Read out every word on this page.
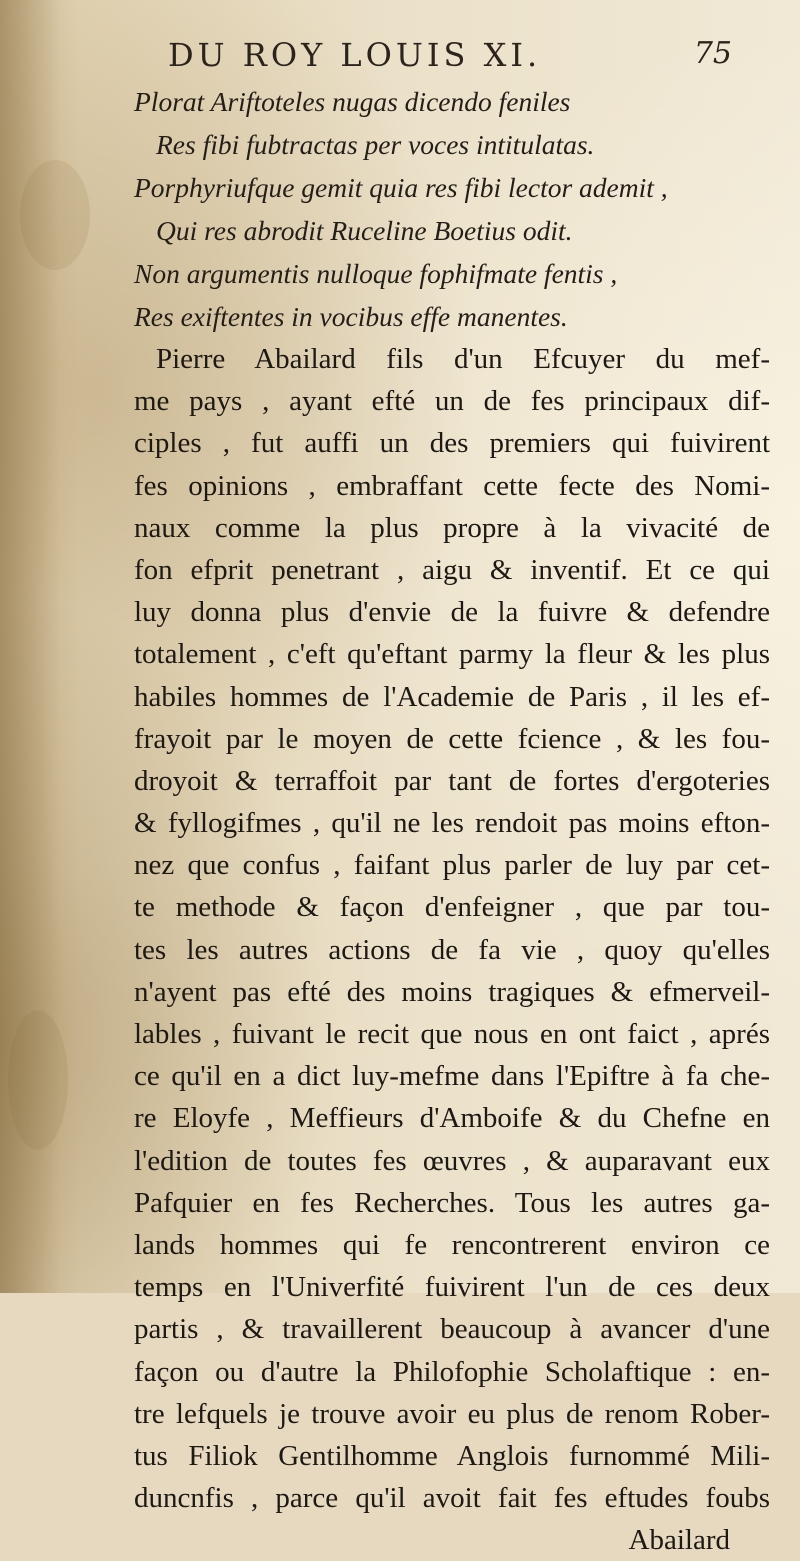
DU ROY LOUIS XI.	75
Plorat Ariftoteles nugas dicendo feniles
Res fibi fubtractas per voces intitulatas.
Porphyriufque gemit quia res fibi lector ademit ,
Qui res abrodit Ruceline Boetius odit.
Non argumentis nulloque fophifmate fentis ,
Res exiftentes in vocibus effe manentes.
Pierre Abailard fils d'un Efcuyer du mef-
me pays , ayant efté un de fes principaux dif-
ciples , fut auffi un des premiers qui fuivirent
fes opinions , embraffant cette fecte des Nomi-
naux comme la plus propre à la vivacité de
fon efprit penetrant , aigu & inventif. Et ce qui
luy donna plus d'envie de la fuivre & defendre
totalement , c'eft qu'eftant parmy la fleur & les plus
habiles hommes de l'Academie de Paris , il les ef-
frayoit par le moyen de cette fcience , & les fou-
droyoit & terraffoit par tant de fortes d'ergoteries
& fyllogifmes , qu'il ne les rendoit pas moins efton-
nez que confus , faifant plus parler de luy par cet-
te methode & façon d'enfeigner , que par tou-
tes les autres actions de fa vie , quoy qu'elles
n'ayent pas efté des moins tragiques & efmerveil-
lables , fuivant le recit que nous en ont faict , aprés
ce qu'il en a dict luy-mefme dans l'Epiftre à fa che-
re Eloyfe , Meffieurs d'Amboife & du Chefne en
l'edition de toutes fes œuvres , & auparavant eux
Pafquier en fes Recherches. Tous les autres ga-
lands hommes qui fe rencontrerent environ ce
temps en l'Univerfité fuivirent l'un de ces deux
partis , & travaillerent beaucoup à avancer d'une
façon ou d'autre la Philofophie Scholaftique : en-
tre lefquels je trouve avoir eu plus de renom Rober-
tus Filiok Gentilhomme Anglois furnommé Mili-
duncnfis , parce qu'il avoit fait fes eftudes foubs
Abailard
